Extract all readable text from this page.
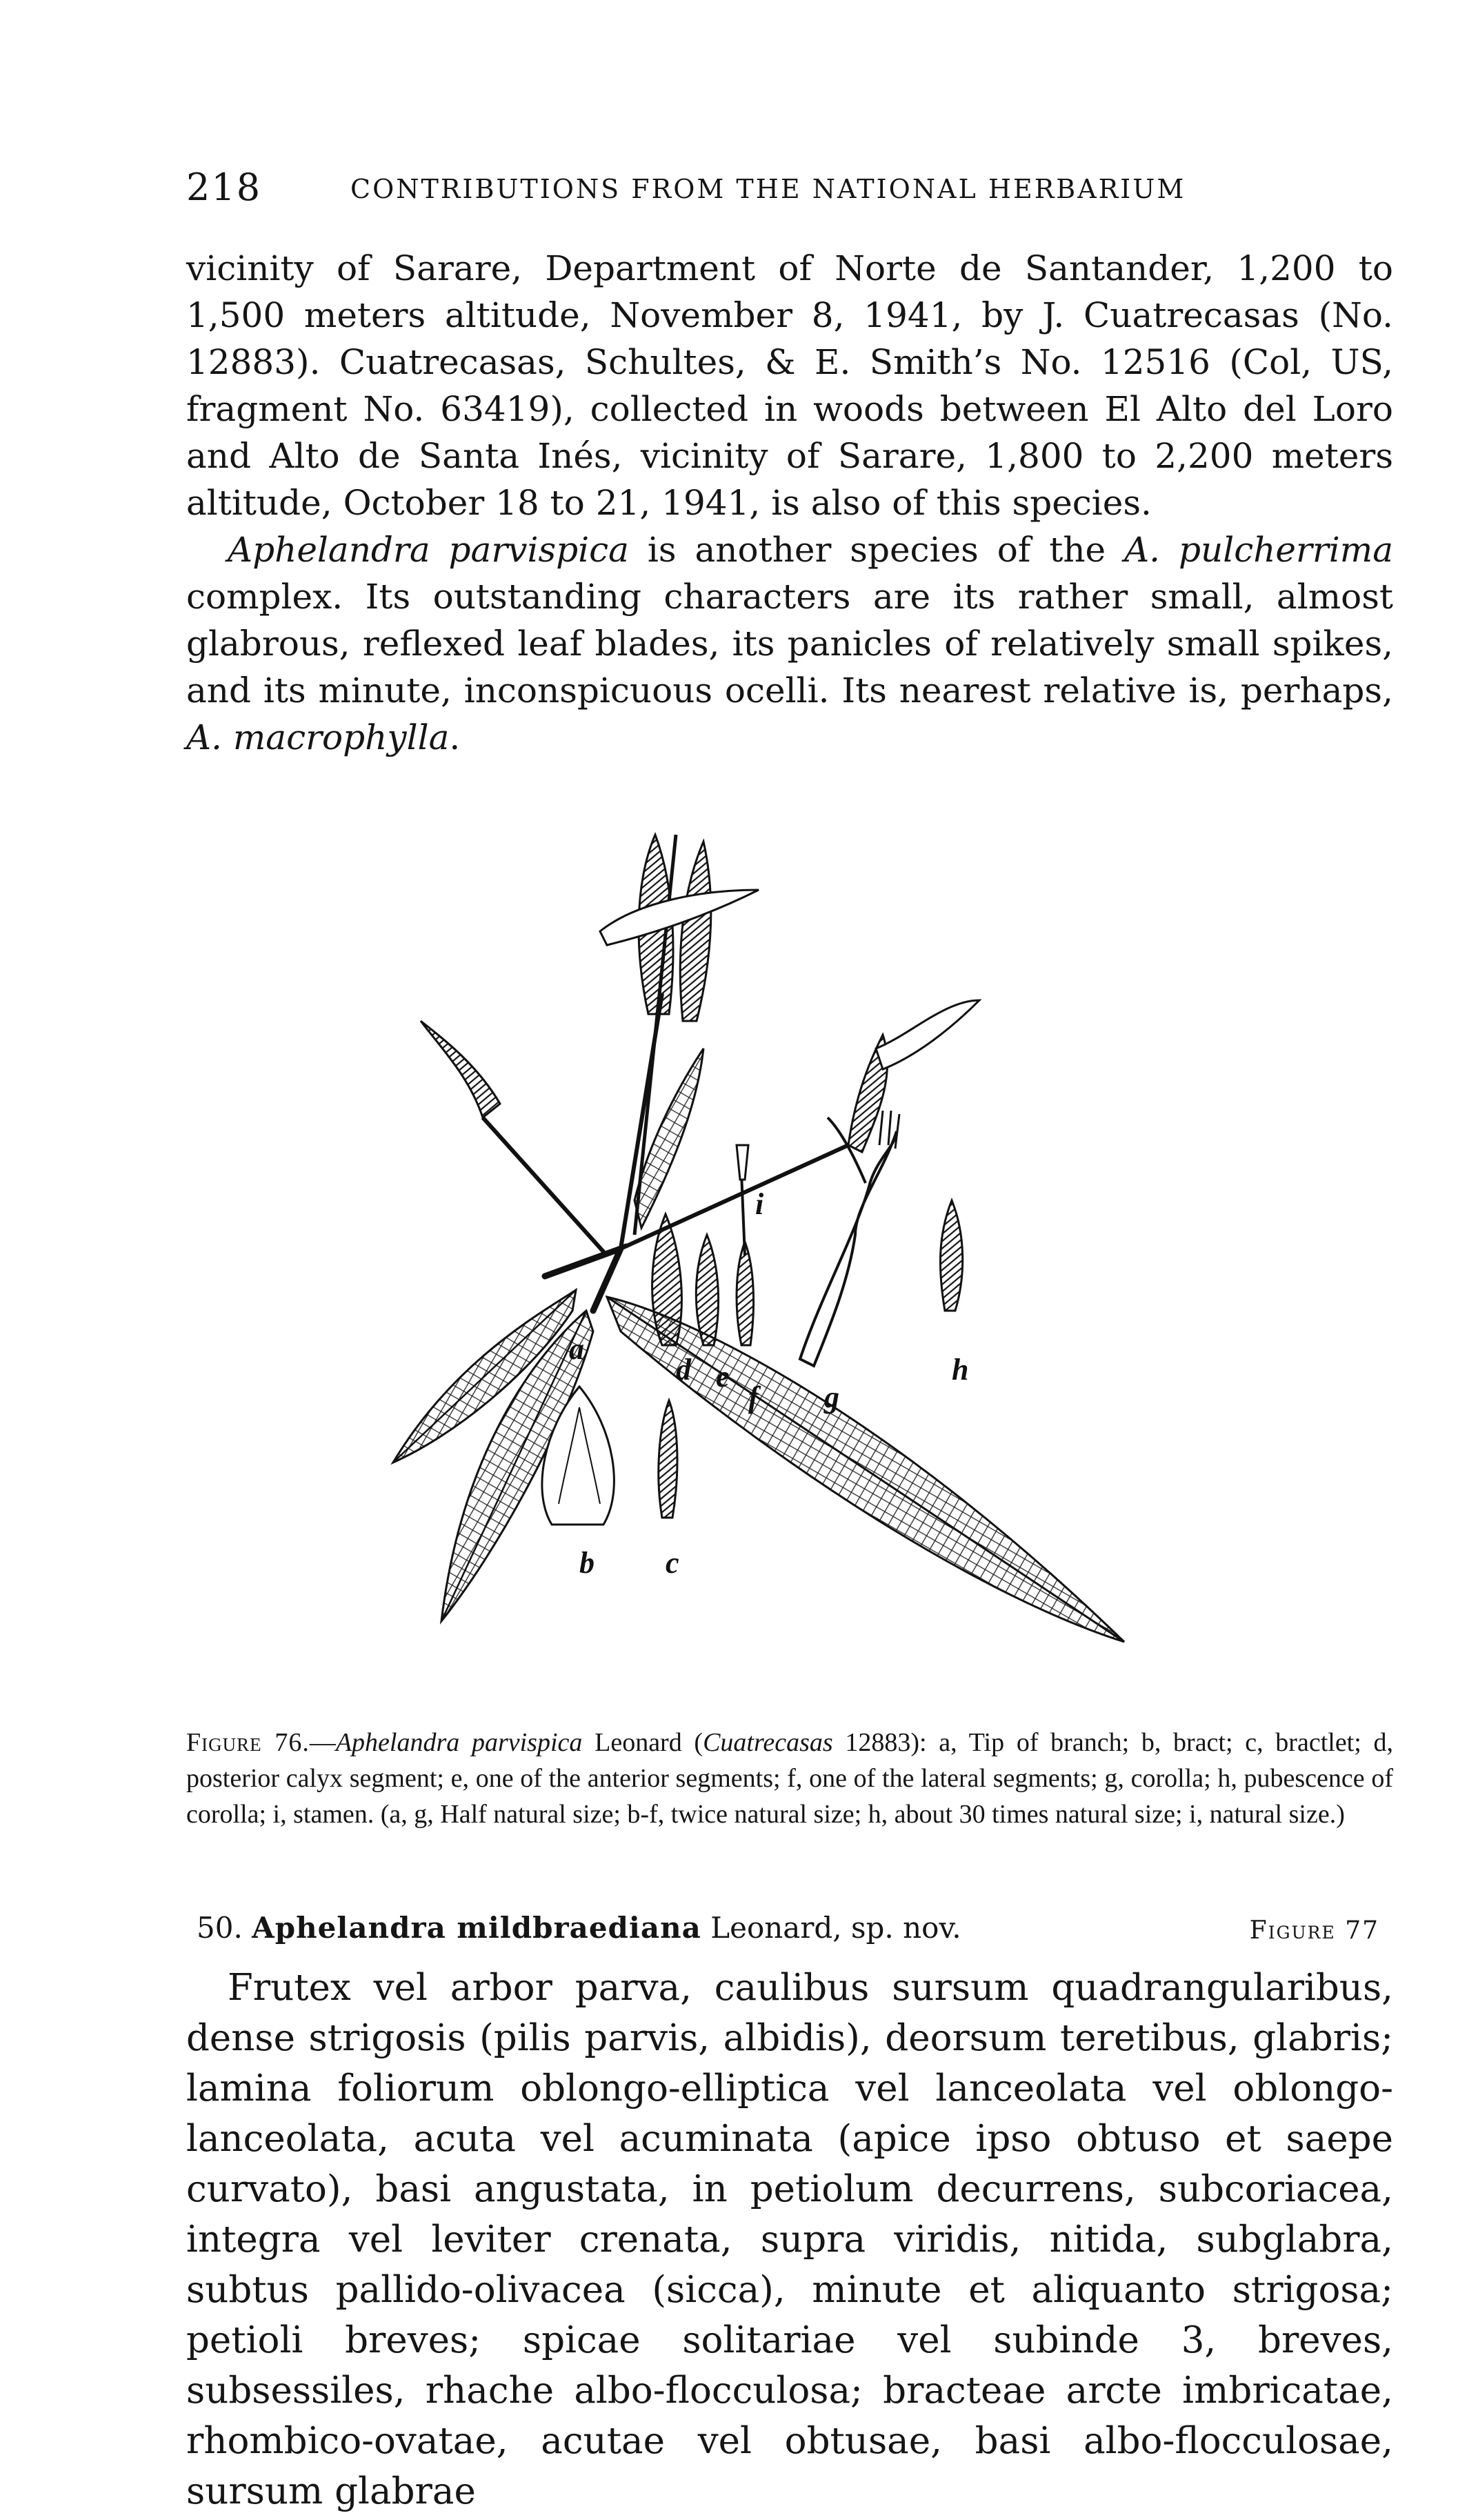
218	CONTRIBUTIONS FROM THE NATIONAL HERBARIUM

vicinity of Sarare, Department of Norte de Santander, 1,200 to 1,500 meters altitude, November 8, 1941, by J. Cuatrecasas (No. 12883). Cuatrecasas, Schultes, & E. Smith’s No. 12516 (Col, US, fragment No. 63419), collected in woods between El Alto del Loro and Alto de Santa Inés, vicinity of Sarare, 1,800 to 2,200 meters altitude, October 18 to 21, 1941, is also of this species.

Aphelandra parvispica is another species of the A. pulcherrima complex. Its outstanding characters are its rather small, almost glabrous, reflexed leaf blades, its panicles of relatively small spikes, and its minute, inconspicuous ocelli. Its nearest relative is, perhaps, A. macrophylla.

a
b c
d e
f g
h
i
Figure 76.—Aphelandra parvispica Leonard (Cuatrecasas 12883): a, Tip of branch; b, bract; c, bractlet; d, posterior calyx segment; e, one of the anterior segments; f, one of the lateral segments; g, corolla; h, pubescence of corolla; i, stamen. (a, g, Half natural size; b-f, twice natural size; h, about 30 times natural size; i, natural size.)
50. Aphelandra mildbraediana Leonard, sp. nov.	Figure 77

Frutex vel arbor parva, caulibus sursum quadrangularibus, dense strigosis (pilis parvis, albidis), deorsum teretibus, glabris; lamina foliorum oblongo-elliptica vel lanceolata vel oblongo-lanceolata, acuta vel acuminata (apice ipso obtuso et saepe curvato), basi angustata, in petiolum decurrens, subcoriacea, integra vel leviter crenata, supra viridis, nitida, subglabra, subtus pallido-olivacea (sicca), minute et aliquanto strigosa; petioli breves; spicae solitariae vel subinde 3, breves, subsessiles, rhache albo-flocculosa; bracteae arcte imbricatae, rhombico-ovatae, acutae vel obtusae, basi albo-flocculosae, sursum glabrae
